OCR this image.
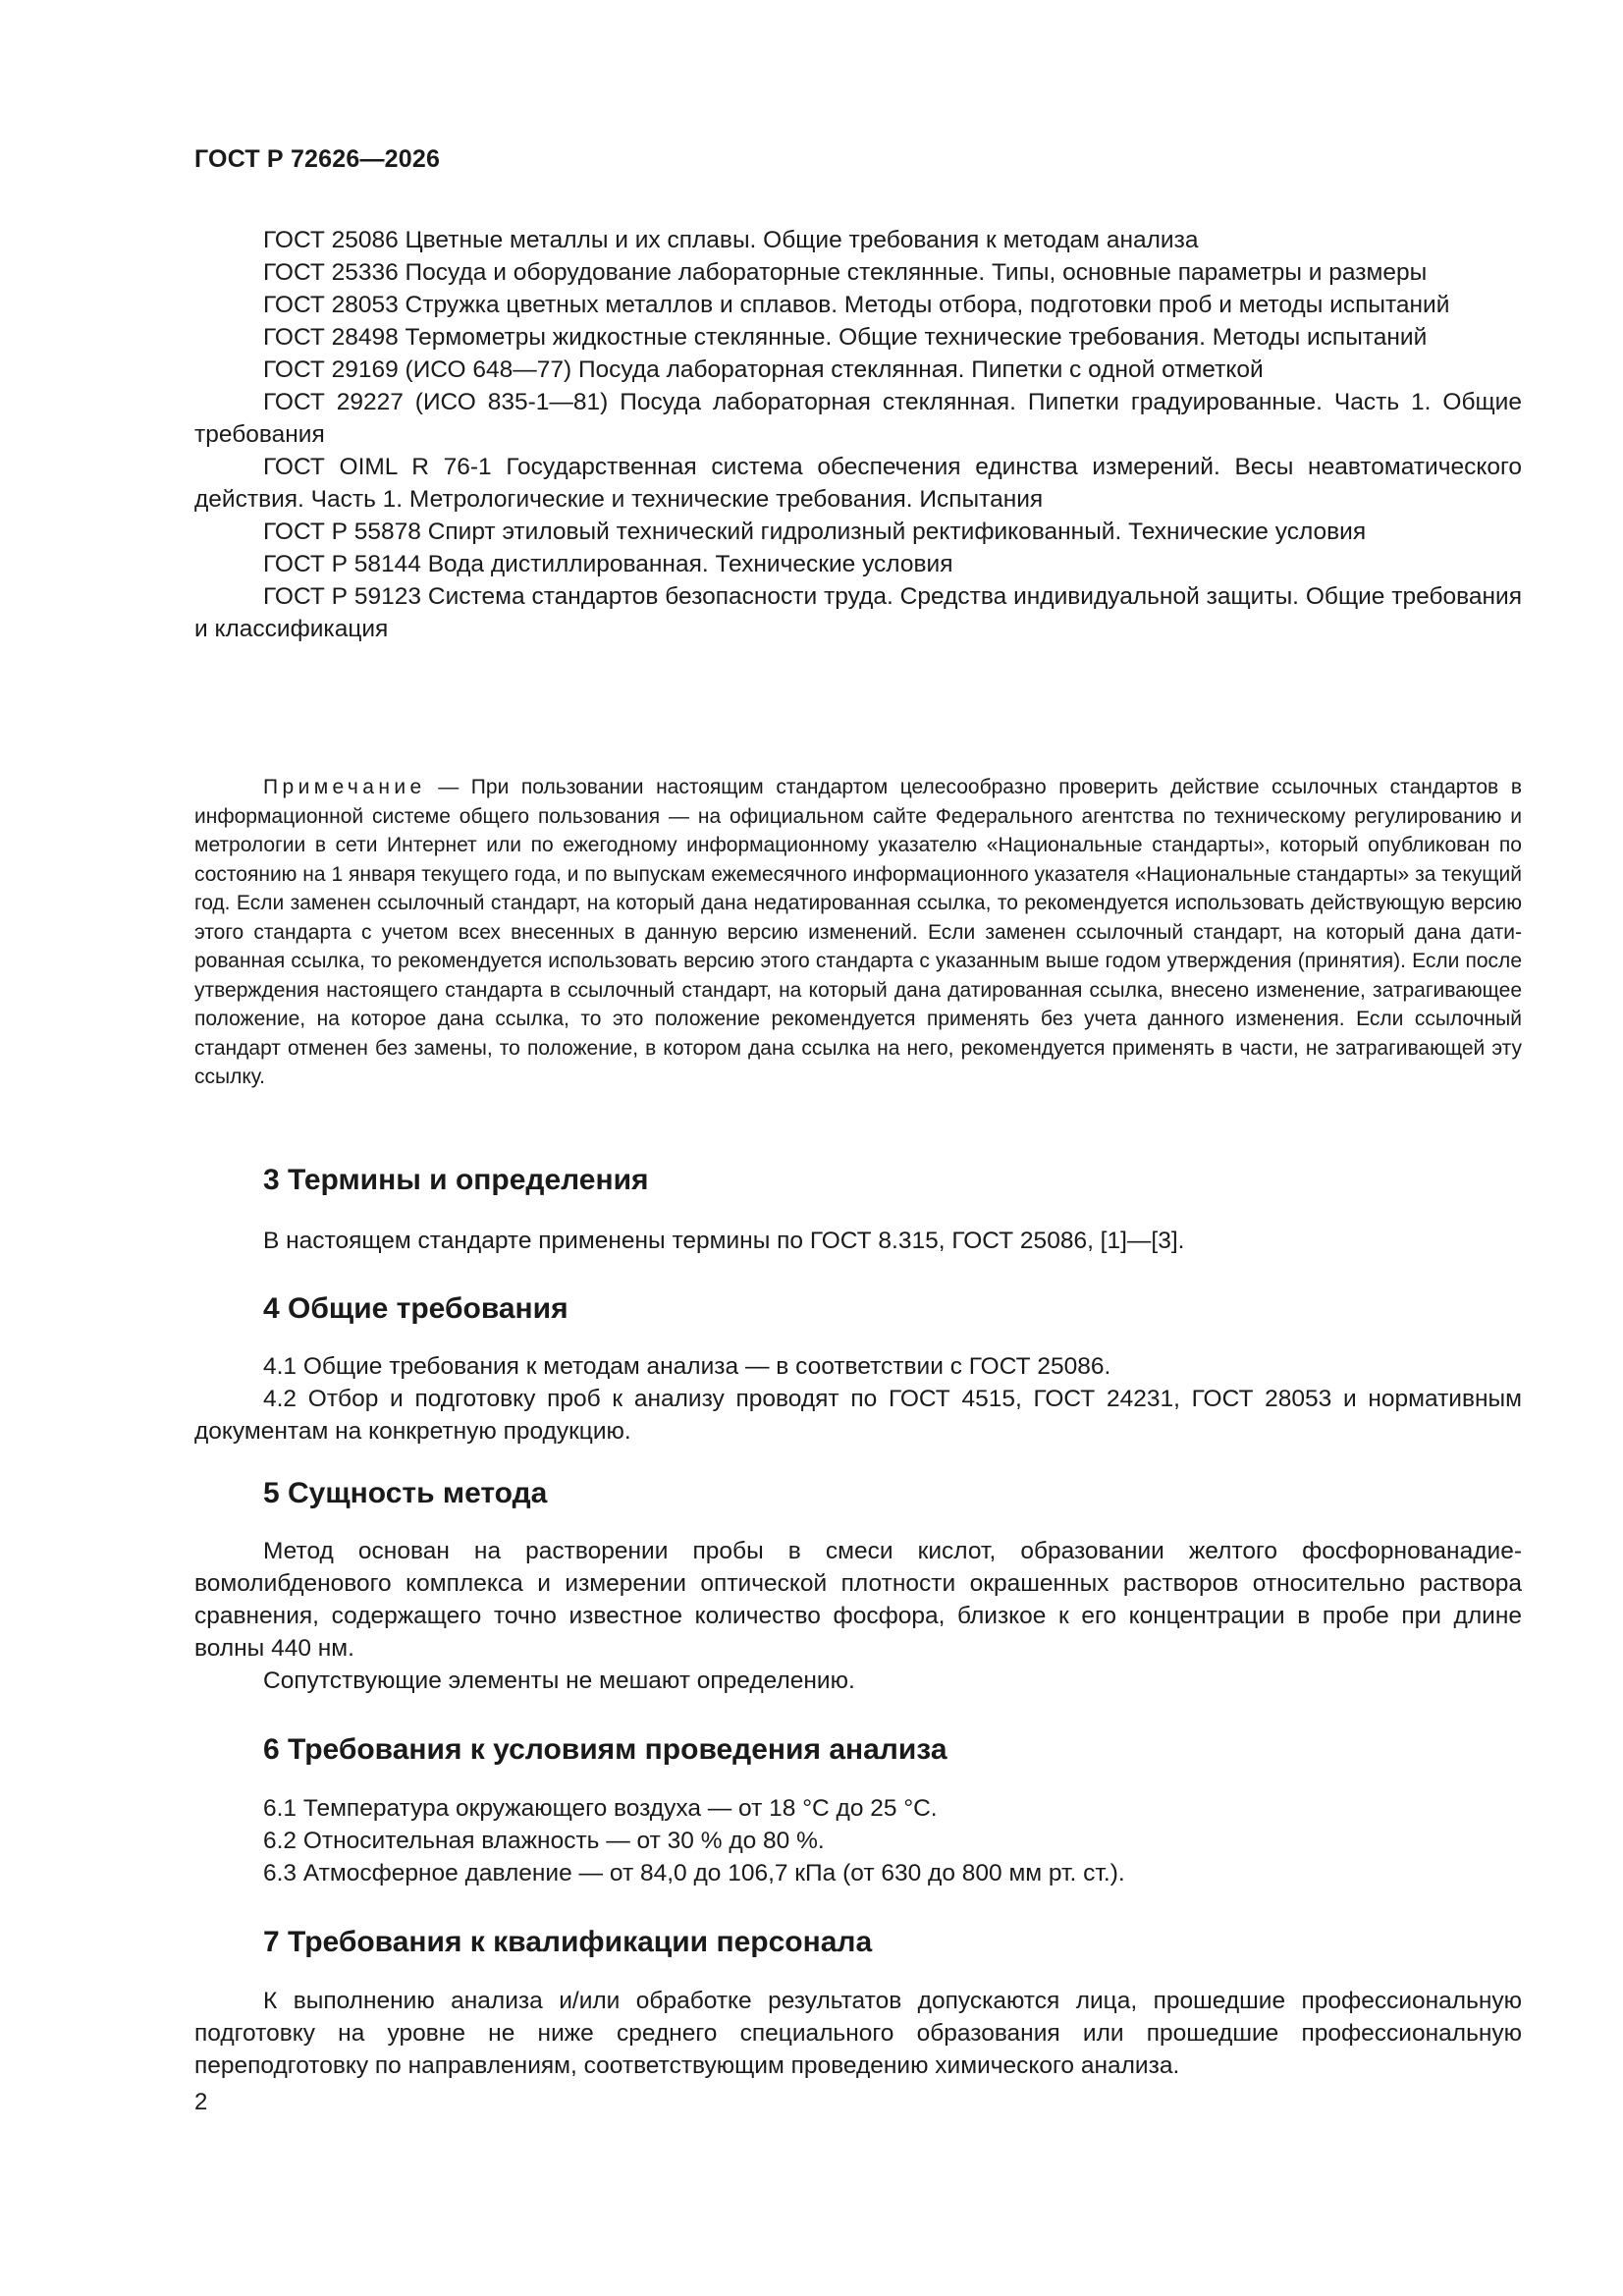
ГОСТ Р 72626—2026

ГОСТ 25086 Цветные металлы и их сплавы. Общие требования к методам анализа

ГОСТ 25336 Посуда и оборудование лабораторные стеклянные. Типы, основные параметры и размеры

ГОСТ 28053 Стружка цветных металлов и сплавов. Методы отбора, подготовки проб и методы испытаний

ГОСТ 28498 Термометры жидкостные стеклянные. Общие технические требования. Методы испытаний

ГОСТ 29169 (ИСО 648—77) Посуда лабораторная стеклянная. Пипетки с одной отметкой

ГОСТ 29227 (ИСО 835-1—81) Посуда лабораторная стеклянная. Пипетки градуированные. Часть 1. Общие требования

ГОСТ OIML R 76-1 Государственная система обеспечения единства измерений. Весы неавтоматического действия. Часть 1. Метрологические и технические требования. Испытания

ГОСТ Р 55878 Спирт этиловый технический гидролизный ректификованный. Технические условия

ГОСТ Р 58144 Вода дистиллированная. Технические условия

ГОСТ Р 59123 Система стандартов безопасности труда. Средства индивидуальной защиты. Общие требования и классификация

Примечание — При пользовании настоящим стандартом целесообразно проверить действие ссылочных стандартов в информационной системе общего пользования — на официальном сайте Федерального агентства по техническому регулированию и метрологии в сети Интернет или по ежегодному информационному указателю «Национальные стандарты», который опубликован по состоянию на 1 января текущего года, и по выпускам ежемесячного информационного указателя «Национальные стандарты» за текущий год. Если заменен ссылочный стандарт, на который дана недатированная ссылка, то рекомендуется использовать действующую версию этого стандарта с учетом всех внесенных в данную версию изменений. Если заменен ссылочный стандарт, на который дана датированная ссылка, то рекомендуется использовать версию этого стандарта с указанным выше годом утверждения (принятия). Если после утверждения настоящего стандарта в ссылочный стандарт, на который дана датированная ссылка, внесено изменение, затрагивающее положение, на которое дана ссылка, то это положение рекомендуется применять без учета данного изменения. Если ссылочный стандарт отменен без замены, то положение, в котором дана ссылка на него, рекомендуется применять в части, не затрагивающей эту ссылку.

3 Термины и определения

В настоящем стандарте применены термины по ГОСТ 8.315, ГОСТ 25086, [1]—[3].

4 Общие требования

4.1 Общие требования к методам анализа — в соответствии с ГОСТ 25086.

4.2 Отбор и подготовку проб к анализу проводят по ГОСТ 4515, ГОСТ 24231, ГОСТ 28053 и нормативным документам на конкретную продукцию.

5 Сущность метода

Метод основан на растворении пробы в смеси кислот, образовании желтого фосфорнованадиевомолибденового комплекса и измерении оптической плотности окрашенных растворов относительно раствора сравнения, содержащего точно известное количество фосфора, близкое к его концентрации в пробе при длине волны 440 нм.

Сопутствующие элементы не мешают определению.

6 Требования к условиям проведения анализа

6.1 Температура окружающего воздуха — от 18 °С до 25 °С.

6.2 Относительная влажность — от 30 % до 80 %.

6.3 Атмосферное давление — от 84,0 до 106,7 кПа (от 630 до 800 мм рт. ст.).

7 Требования к квалификации персонала

К выполнению анализа и/или обработке результатов допускаются лица, прошедшие профессиональную подготовку на уровне не ниже среднего специального образования или прошедшие профессиональную переподготовку по направлениям, соответствующим проведению химического анализа.

2
